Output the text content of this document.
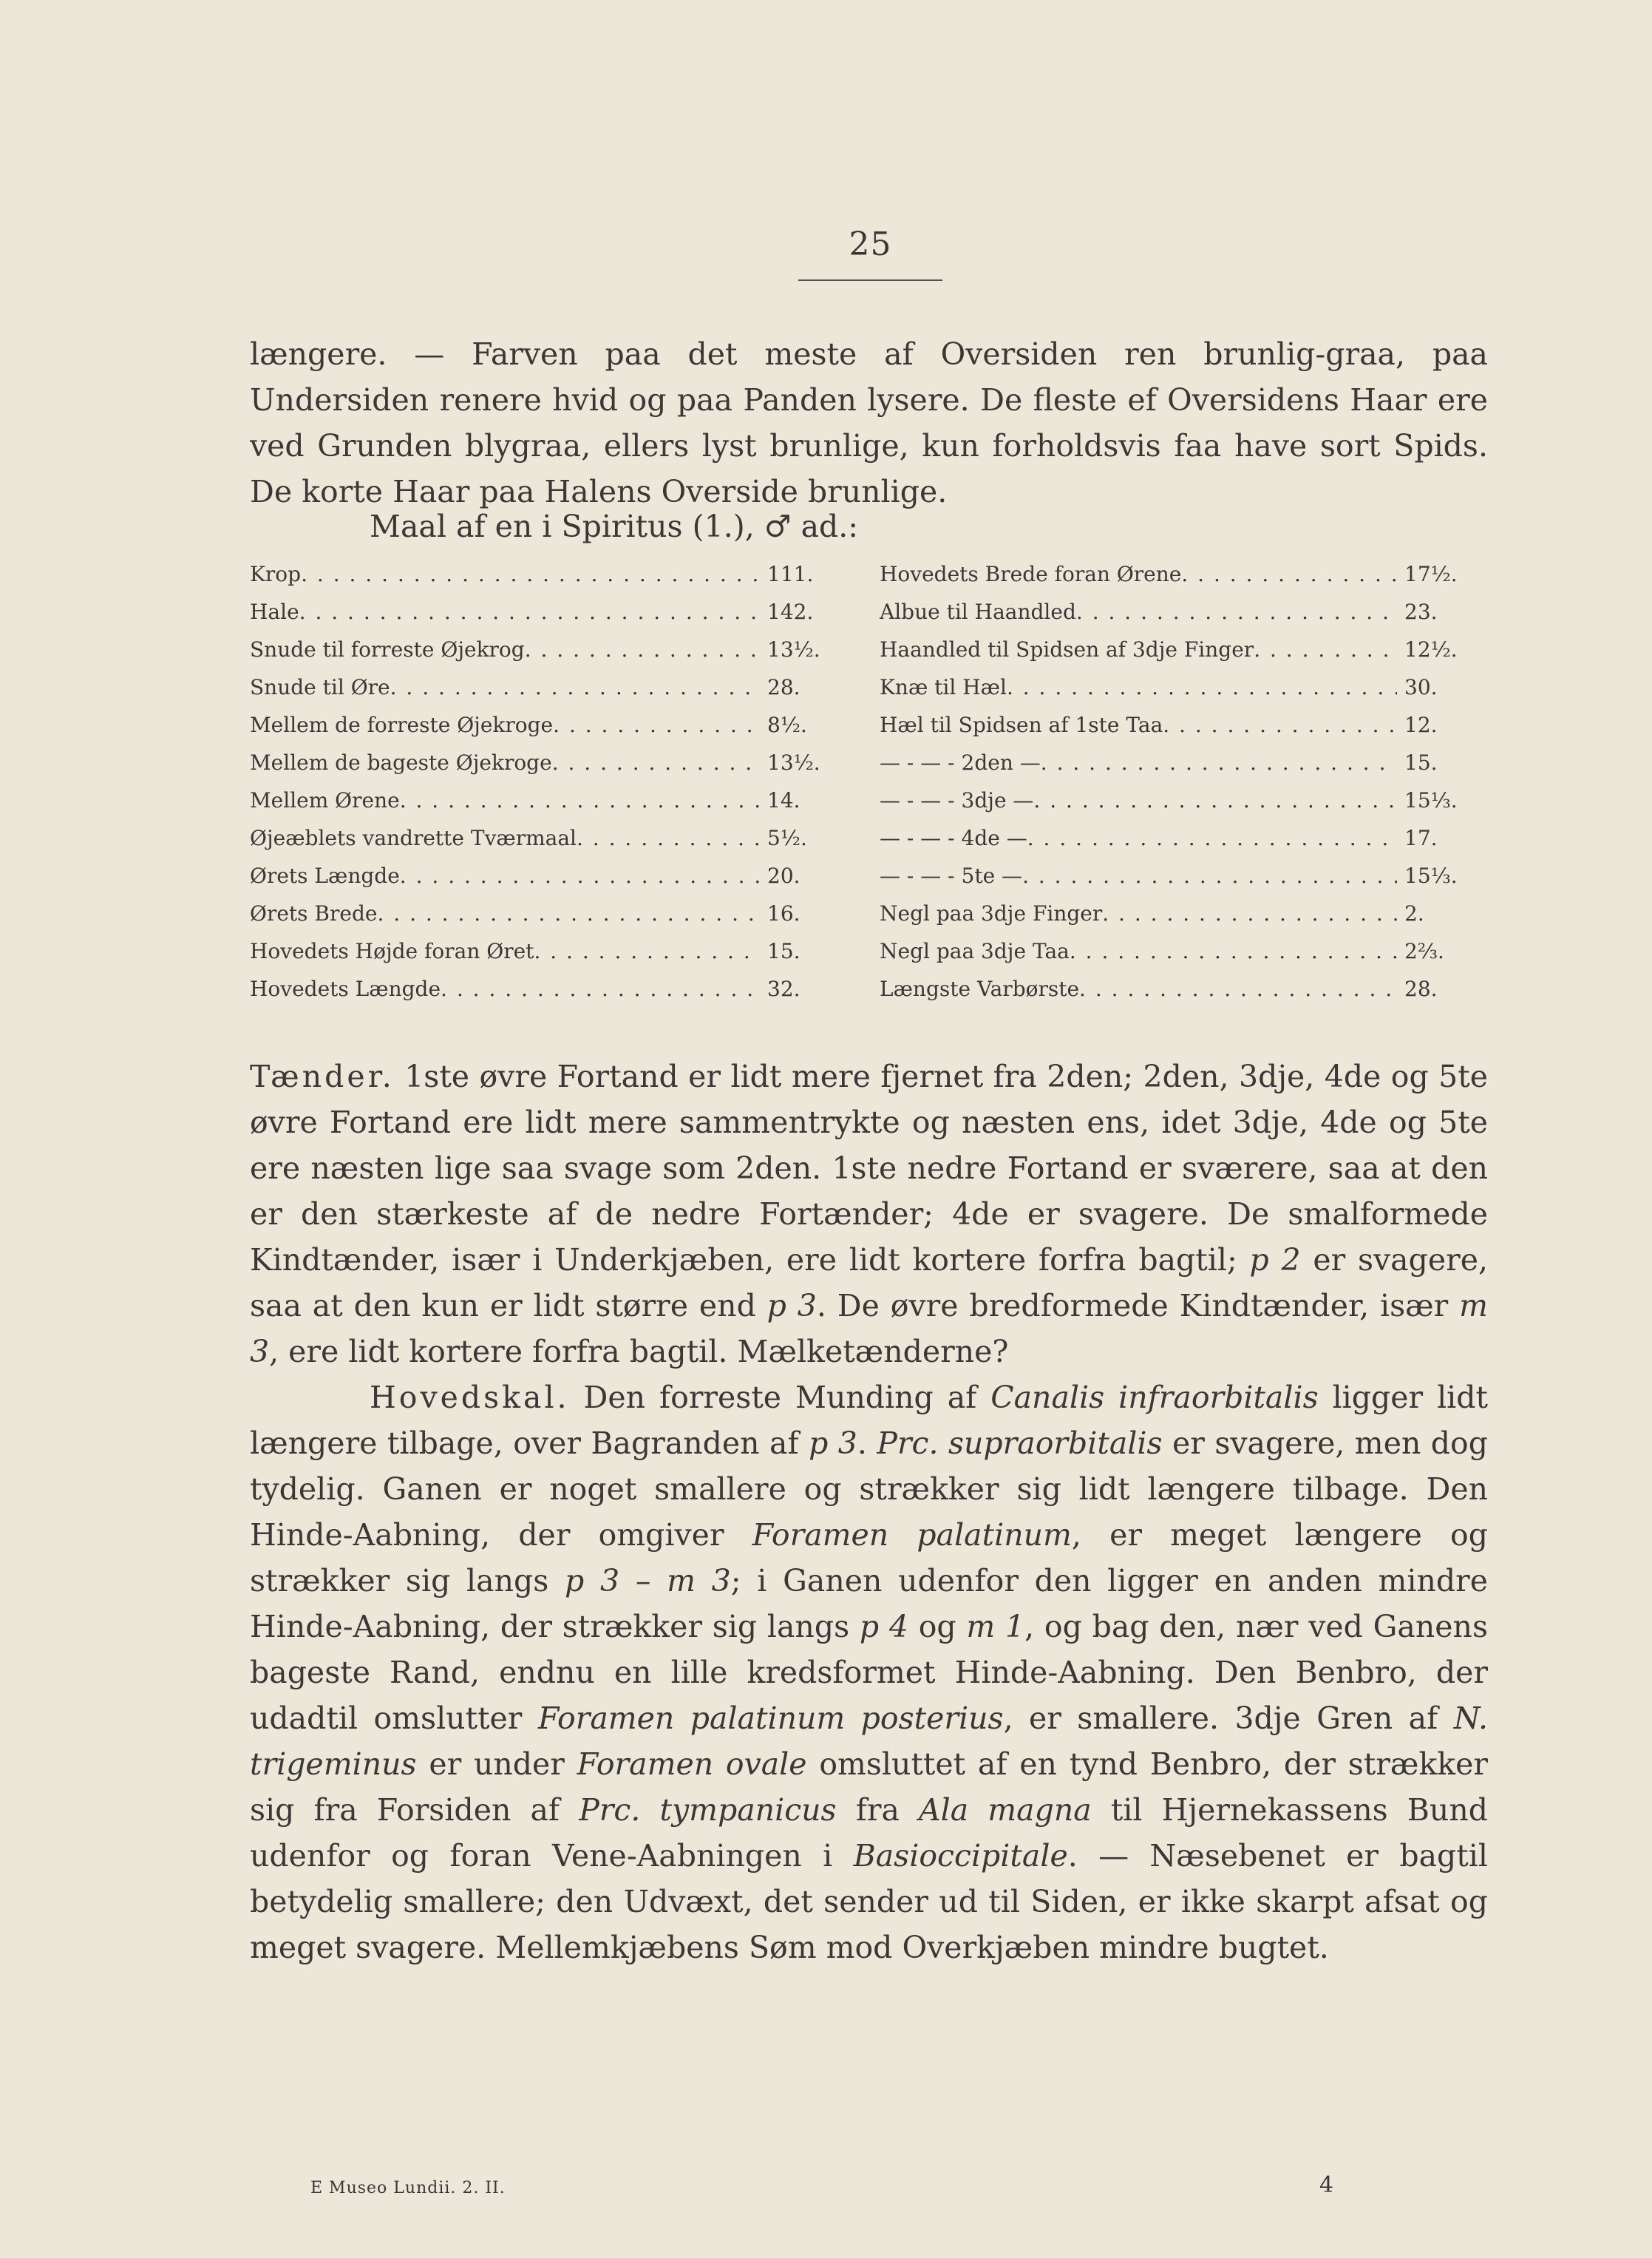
25

længere. — Farven paa det meste af Oversiden ren brunlig-graa, paa Undersiden renere hvid og paa Panden lysere. De fleste ef Oversidens Haar ere ved Grunden blygraa, ellers lyst brunlige, kun forholdsvis faa have sort Spids. De korte Haar paa Halens Overside brunlige.

Maal af en i Spiritus (1.), ♂ ad.:
Krop . . .	111.
Hale . . .	142.
Snude til forreste Øjekrog . . .	13½.
Snude til Øre . . .	28.
Mellem de forreste Øjekroge . . .	8½.
Mellem de bageste Øjekroge . . .	13½.
Mellem Ørene . . .	14.
Øjeæblets vandrette Tværmaal . . .	5½.
Ørets Længde . . .	20.
Ørets Brede . . .	16.
Hovedets Højde foran Øret . . .	15.
Hovedets Længde . . .	32.
Hovedets Brede foran Ørene . . .	17½.
Albue til Haandled . . .	23.
Haandled til Spidsen af 3dje Finger . . .	12½.
Knæ til Hæl . . .	30.
Hæl til Spidsen af 1ste Taa . . .	12.
— - — - 2den — . . .	15.
— - — - 3dje — . . .	15⅓.
— - — - 4de — . . .	17.
— - — - 5te — . . .	15⅓.
Negl paa 3dje Finger . . .	2.
Negl paa 3dje Taa . . .	2⅔.
Længste Varbørste . . .	28.

Tænder. 1ste øvre Fortand er lidt mere fjernet fra 2den; 2den, 3dje, 4de og 5te øvre Fortand ere lidt mere sammentrykte og næsten ens, idet 3dje, 4de og 5te ere næsten lige saa svage som 2den. 1ste nedre Fortand er sværere, saa at den er den stærkeste af de nedre Fortænder; 4de er svagere. De smalformede Kindtænder, især i Underkjæben, ere lidt kortere forfra bagtil; p 2 er svagere, saa at den kun er lidt større end p 3. De øvre bredformede Kindtænder, især m 3, ere lidt kortere forfra bagtil. Mælketænderne?

Hovedskal. Den forreste Munding af Canalis infraorbitalis ligger lidt længere tilbage, over Bagranden af p 3. Prc. supraorbitalis er svagere, men dog tydelig. Ganen er noget smallere og strækker sig lidt længere tilbage. Den Hinde-Aabning, der omgiver Foramen palatinum, er meget længere og strækker sig langs p 3 – m 3; i Ganen udenfor den ligger en anden mindre Hinde-Aabning, der strækker sig langs p 4 og m 1, og bag den, nær ved Ganens bageste Rand, endnu en lille kredsformet Hinde-Aabning. Den Benbro, der udadtil omslutter Foramen palatinum posterius, er smallere. 3dje Gren af N. trigeminus er under Foramen ovale omsluttet af en tynd Benbro, der strækker sig fra Forsiden af Prc. tympanicus fra Ala magna til Hjernekassens Bund udenfor og foran Vene-Aabningen i Basioccipitale. — Næsebenet er bagtil betydelig smallere; den Udvæxt, det sender ud til Siden, er ikke skarpt afsat og meget svagere. Mellemkjæbens Søm mod Overkjæben mindre bugtet.

E Museo Lundii. 2. II.	4
